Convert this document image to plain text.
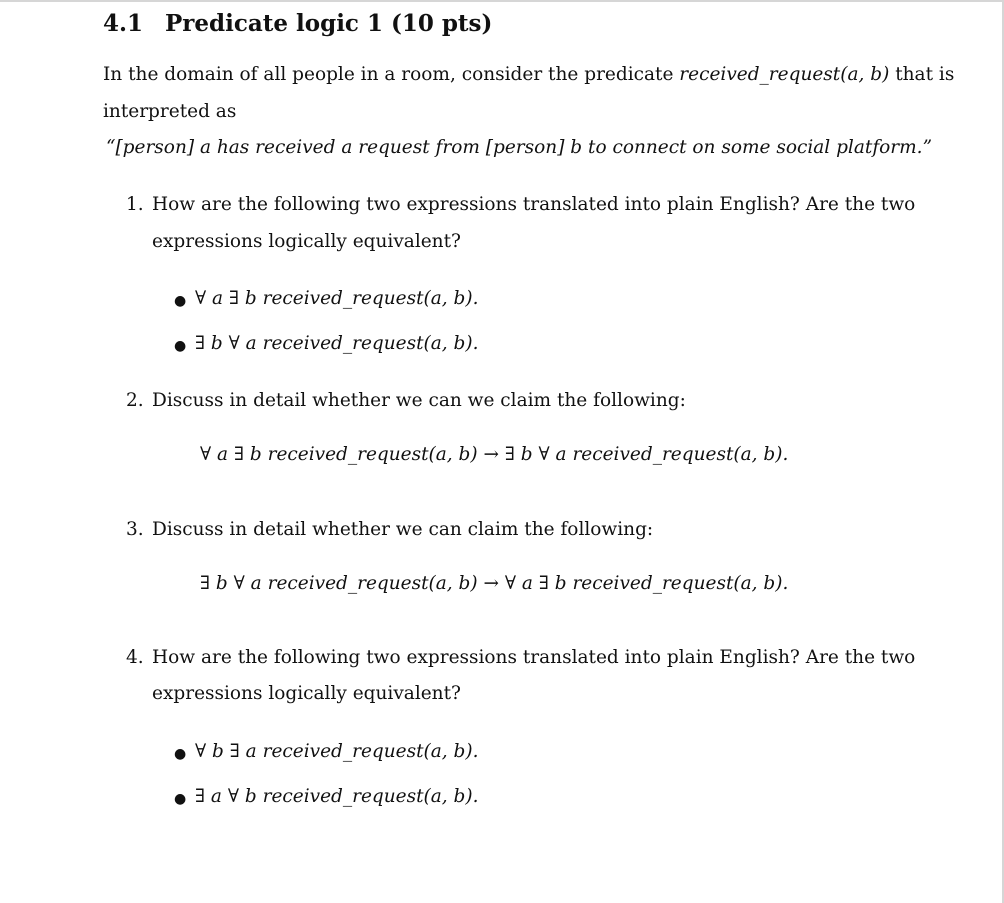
4.1 Predicate logic 1 (10 pts)
In the domain of all people in a room, consider the predicate received_request(a, b) that is
interpreted as
“[person] a has received a request from [person] b to connect on some social platform.”
1. How are the following two expressions translated into plain English? Are the two
expressions logically equivalent?
● ∀ a ∃ b received_request(a, b).
● ∃ b ∀ a received_request(a, b).
2. Discuss in detail whether we can we claim the following:
∀ a ∃ b received_request(a, b) → ∃ b ∀ a received_request(a, b).
3. Discuss in detail whether we can claim the following:
∃ b ∀ a received_request(a, b) → ∀ a ∃ b received_request(a, b).
4. How are the following two expressions translated into plain English? Are the two
expressions logically equivalent?
● ∀ b ∃ a received_request(a, b).
● ∃ a ∀ b received_request(a, b).
